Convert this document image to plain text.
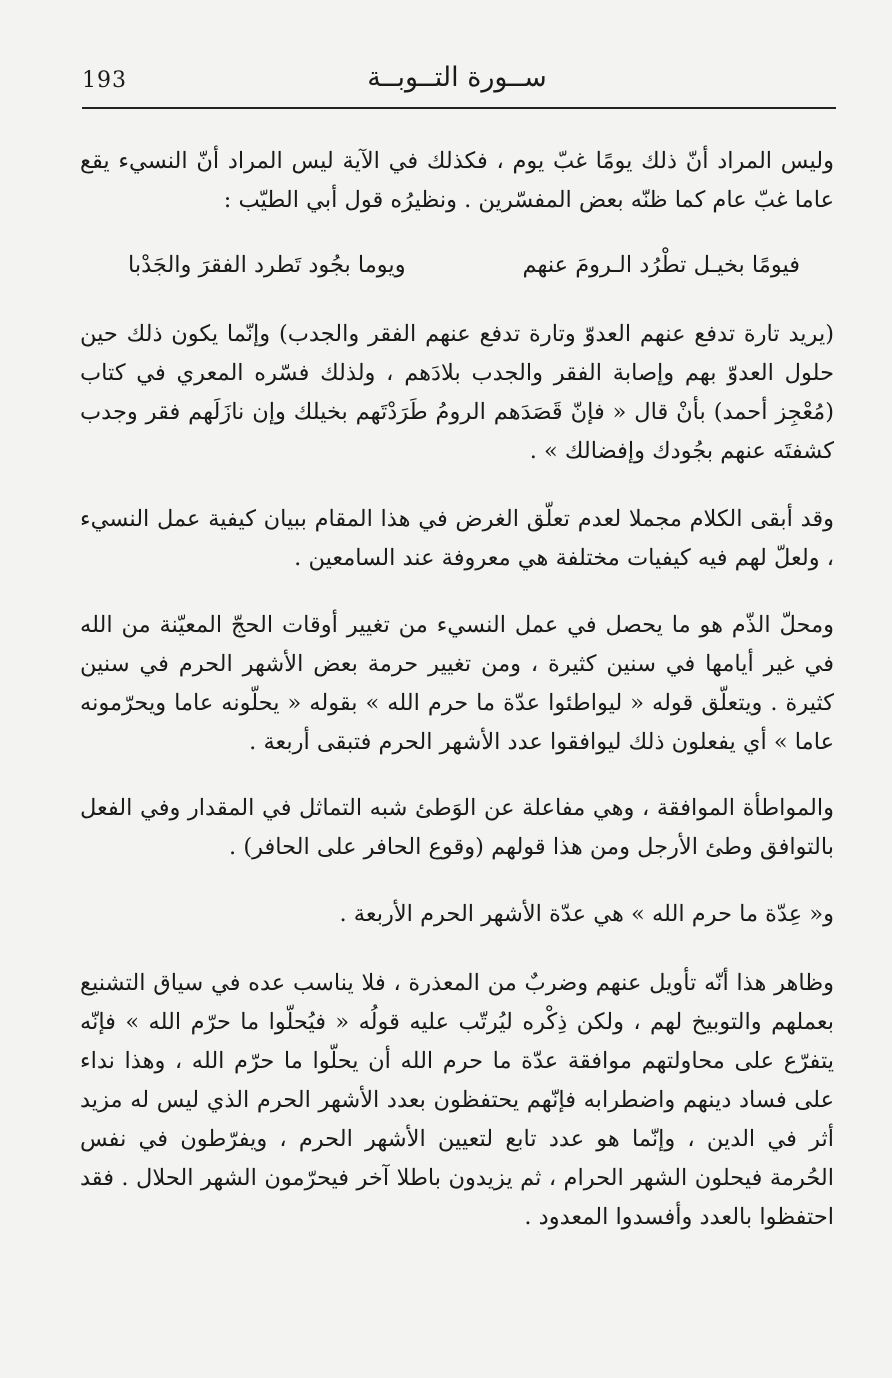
193	ســورة التــوبــة
وليس المراد أنّ ذلك يومًا غبّ يوم ، فكذلك في الآية ليس المراد أنّ النسيء يقع عاما غبّ عام كما ظنّه بعض المفسّرين . ونظيرُه قول أبي الطيّب :
فيومًا بخيـل تطْرُد الـرومَ عنهم
ويوما بجُود تَطرد الفقرَ والجَدْبا
(يريد تارة تدفع عنهم العدوّ وتارة تدفع عنهم الفقر والجدب) وإنّما يكون ذلك حين حلول العدوّ بهم وإصابة الفقر والجدب بلادَهم ، ولذلك فسّره المعري في كتاب (مُعْجِز أحمد) بأنْ قال « فإنّ قَصَدَهم الرومُ طَرَدْتَهم بخيلك وإن نازَلَهم فقر وجدب كشفتَه عنهم بجُودك وإفضالك » .
وقد أبقى الكلام مجملا لعدم تعلّق الغرض في هذا المقام ببيان كيفية عمل النسيء ، ولعلّ لهم فيه كيفيات مختلفة هي معروفة عند السامعين .
ومحلّ الذّم هو ما يحصل في عمل النسيء من تغيير أوقات الحجّ المعيّنة من الله في غير أيامها في سنين كثيرة ، ومن تغيير حرمة بعض الأشهر الحرم في سنين كثيرة . ويتعلّق قوله « ليواطئوا عدّة ما حرم الله » بقوله « يحلّونه عاما ويحرّمونه عاما » أي يفعلون ذلك ليوافقوا عدد الأشهر الحرم فتبقى أربعة .
والمواطأة الموافقة ، وهي مفاعلة عن الوَطئ شبه التماثل في المقدار وفي الفعل بالتوافق وطئ الأرجل ومن هذا قولهم (وقوع الحافر على الحافر) .
و« عِدّة ما حرم الله » هي عدّة الأشهر الحرم الأربعة .
وظاهر هذا أنّه تأويل عنهم وضربٌ من المعذرة ، فلا يناسب عده في سياق التشنيع بعملهم والتوبيخ لهم ، ولكن ذِكْره ليُرتّب عليه قولُه « فيُحلّوا ما حرّم الله » فإنّه يتفرّع على محاولتهم موافقة عدّة ما حرم الله أن يحلّوا ما حرّم الله ، وهذا نداء على فساد دينهم واضطرابه فإنّهم يحتفظون بعدد الأشهر الحرم الذي ليس له مزيد أثر في الدين ، وإنّما هو عدد تابع لتعيين الأشهر الحرم ، ويفرّطون في نفس الحُرمة فيحلون الشهر الحرام ، ثم يزيدون باطلا آخر فيحرّمون الشهر الحلال . فقد احتفظوا بالعدد وأفسدوا المعدود .
